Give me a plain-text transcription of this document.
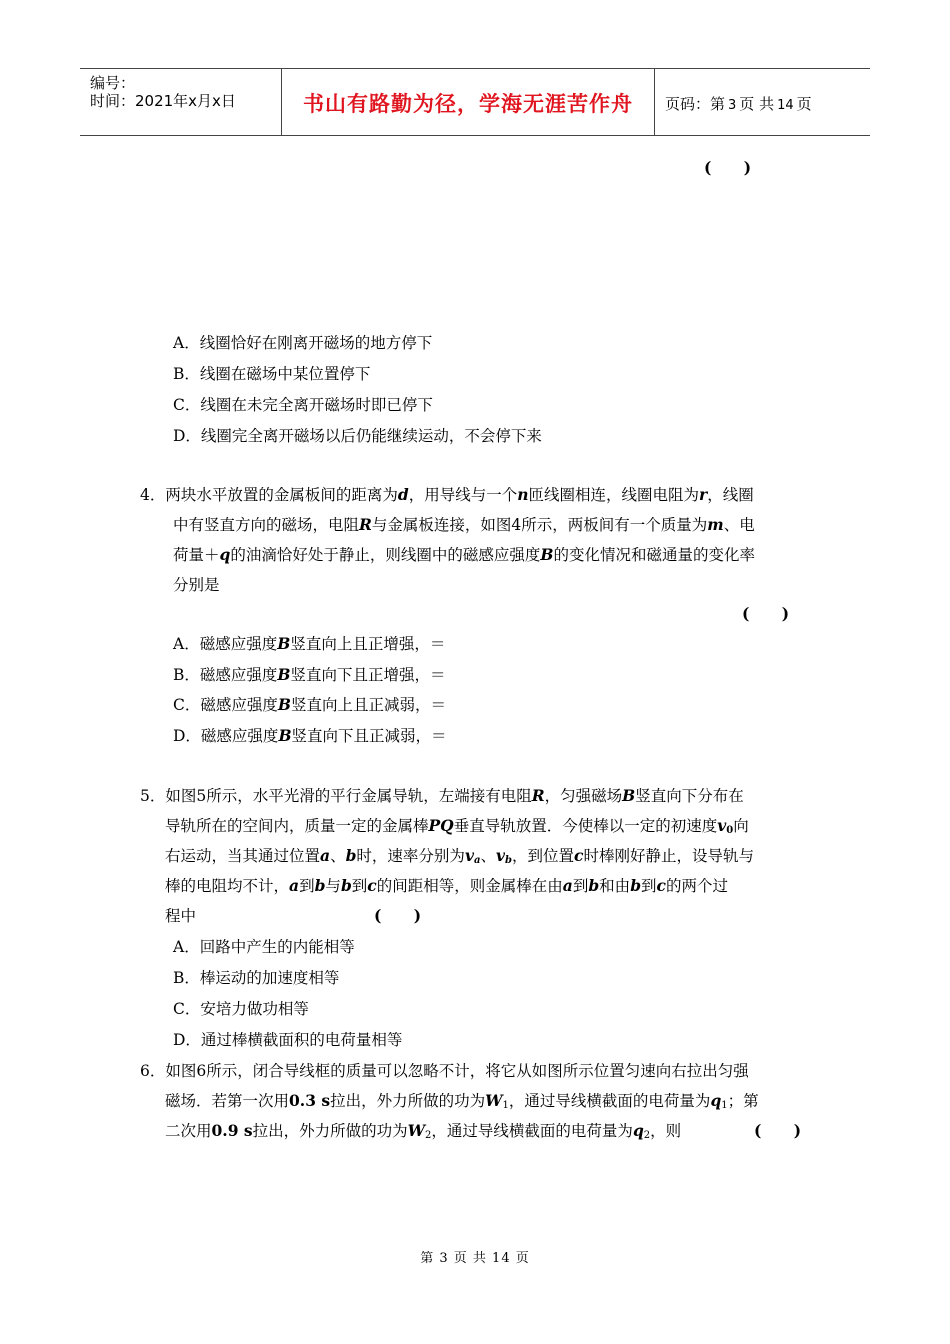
编号：
时间：2021年x月x日	书山有路勤为径，学海无涯苦作舟	页码：第 3 页 共 14 页
(      )
A．线圈恰好在刚离开磁场的地方停下
B．线圈在磁场中某位置停下
C．线圈在未完全离开磁场时即已停下
D．线圈完全离开磁场以后仍能继续运动，不会停下来
4．两块水平放置的金属板间的距离为d，用导线与一个n匝线圈相连，线圈电阻为r，线圈
中有竖直方向的磁场，电阻R与金属板连接，如图4所示，两板间有一个质量为m、电
荷量＋q的油滴恰好处于静止，则线圈中的磁感应强度B的变化情况和磁通量的变化率
分别是
(      )
A．磁感应强度B竖直向上且正增强，＝
B．磁感应强度B竖直向下且正增强，＝
C．磁感应强度B竖直向上且正减弱，＝
D．磁感应强度B竖直向下且正减弱，＝
5．如图5所示，水平光滑的平行金属导轨，左端接有电阻R，匀强磁场B竖直向下分布在
导轨所在的空间内，质量一定的金属棒PQ垂直导轨放置．今使棒以一定的初速度$v_0$向
右运动，当其通过位置a、b时，速率分别为$v_a$、$v_b$，到位置c时棒刚好静止，设导轨与
棒的电阻均不计，a到b与b到c的间距相等，则金属棒在由a到b和由b到c的两个过
程中	(      )
A．回路中产生的内能相等
B．棒运动的加速度相等
C．安培力做功相等
D．通过棒横截面积的电荷量相等
6．如图6所示，闭合导线框的质量可以忽略不计，将它从如图所示位置匀速向右拉出匀强
磁场．若第一次用0.3 s拉出，外力所做的功为$W_1$，通过导线横截面的电荷量为$q_1$；第
二次用0.9 s拉出，外力所做的功为$W_2$，通过导线横截面的电荷量为$q_2$，则	(      )
第 3 页 共 14 页
